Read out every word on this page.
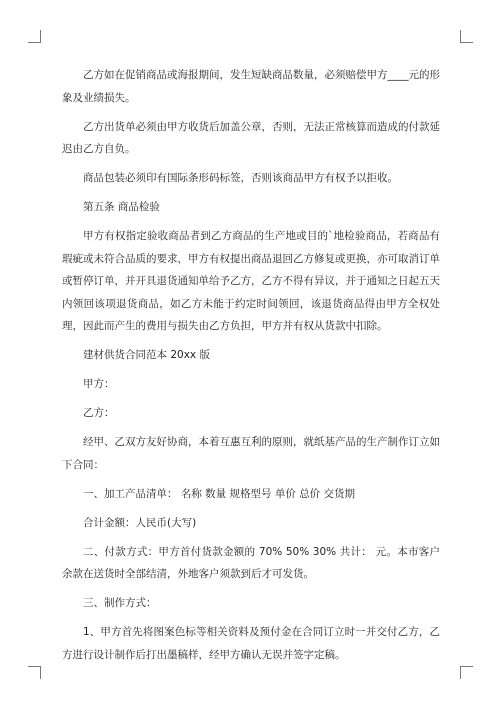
乙方如在促销商品或海报期间，发生短缺商品数量，必须赔偿甲方____元的形象及业绩损失。

乙方出货单必须由甲方收货后加盖公章，否则，无法正常核算而造成的付款延迟由乙方自负。

商品包装必须印有国际条形码标签，否则该商品甲方有权予以拒收。

第五条 商品检验

甲方有权指定验收商品者到乙方商品的生产地或目的`地检验商品，若商品有瑕疵或未符合品质的要求，甲方有权提出商品退回乙方修复或更换，亦可取消订单或暂停订单，并开具退货通知单给予乙方，乙方不得有异议，并于通知之日起五天内领回该项退货商品，如乙方未能于约定时间领回，该退货商品得由甲方全权处理，因此而产生的费用与损失由乙方负担，甲方并有权从货款中扣除。

建材供货合同范本 20xx 版

甲方：

乙方：

经甲、乙双方友好协商，本着互惠互利的原则，就纸基产品的生产制作订立如下合同：

一、加工产品清单： 名称 数量 规格型号 单价 总价 交货期

合计金额：人民币(大写)

二、付款方式：甲方首付货款金额的 70% 50% 30% 共计： 元。本市客户余款在送货时全部结清，外地客户须款到后才可发货。

三、制作方式：

1、甲方首先将图案色标等相关资料及预付金在合同订立时一并交付乙方，乙方进行设计制作后打出墨稿样，经甲方确认无误并签字定稿。
